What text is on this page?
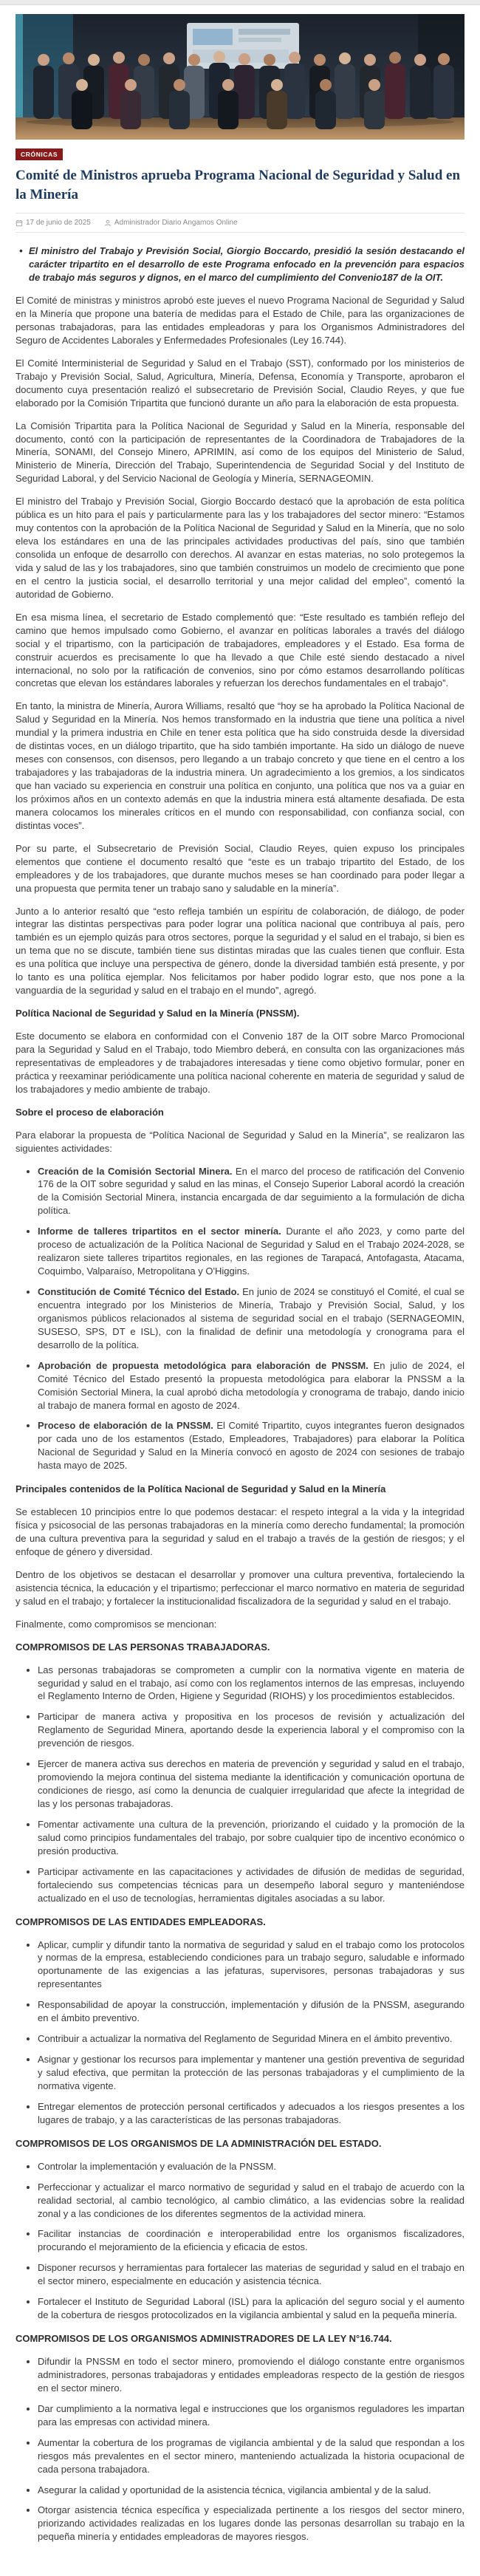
CRÓNICAS
Comité de Ministros aprueba Programa Nacional de Seguridad y Salud en la Minería
17 de junio de 2025	Administrador Diario Angamos Online

• El ministro del Trabajo y Previsión Social, Giorgio Boccardo, presidió la sesión destacando el carácter tripartito en el desarrollo de este Programa enfocado en la prevención para espacios de trabajo más seguros y dignos, en el marco del cumplimiento del Convenio187 de la OIT.

El Comité de ministras y ministros aprobó este jueves el nuevo Programa Nacional de Seguridad y Salud en la Minería que propone una batería de medidas para el Estado de Chile, para las organizaciones de personas trabajadoras, para las entidades empleadoras y para los Organismos Administradores del Seguro de Accidentes Laborales y Enfermedades Profesionales (Ley 16.744).

El Comité Interministerial de Seguridad y Salud en el Trabajo (SST), conformado por los ministerios de Trabajo y Previsión Social, Salud, Agricultura, Minería, Defensa, Economía y Transporte, aprobaron el documento cuya presentación realizó el subsecretario de Previsión Social, Claudio Reyes, y que fue elaborado por la Comisión Tripartita que funcionó durante un año para la elaboración de esta propuesta.

La Comisión Tripartita para la Política Nacional de Seguridad y Salud en la Minería, responsable del documento, contó con la participación de representantes de la Coordinadora de Trabajadores de la Minería, SONAMI, del Consejo Minero, APRIMIN, así como de los equipos del Ministerio de Salud, Ministerio de Minería, Dirección del Trabajo, Superintendencia de Seguridad Social y del Instituto de Seguridad Laboral, y del Servicio Nacional de Geología y Minería, SERNAGEOMIN.

El ministro del Trabajo y Previsión Social, Giorgio Boccardo destacó que la aprobación de esta política pública es un hito para el país y particularmente para las y los trabajadores del sector minero: “Estamos muy contentos con la aprobación de la Política Nacional de Seguridad y Salud en la Minería, que no solo eleva los estándares en una de las principales actividades productivas del país, sino que también consolida un enfoque de desarrollo con derechos. Al avanzar en estas materias, no solo protegemos la vida y salud de las y los trabajadores, sino que también construimos un modelo de crecimiento que pone en el centro la justicia social, el desarrollo territorial y una mejor calidad del empleo”, comentó la autoridad de Gobierno.

En esa misma línea, el secretario de Estado complementó que: “Este resultado es también reflejo del camino que hemos impulsado como Gobierno, el avanzar en políticas laborales a través del diálogo social y el tripartismo, con la participación de trabajadores, empleadores y el Estado. Esa forma de construir acuerdos es precisamente lo que ha llevado a que Chile esté siendo destacado a nivel internacional, no solo por la ratificación de convenios, sino por cómo estamos desarrollando políticas concretas que elevan los estándares laborales y refuerzan los derechos fundamentales en el trabajo”.

En tanto, la ministra de Minería, Aurora Williams, resaltó que “hoy se ha aprobado la Política Nacional de Salud y Seguridad en la Minería. Nos hemos transformado en la industria que tiene una política a nivel mundial y la primera industria en Chile en tener esta política que ha sido construida desde la diversidad de distintas voces, en un diálogo tripartito, que ha sido también importante. Ha sido un diálogo de nueve meses con consensos, con disensos, pero llegando a un trabajo concreto y que tiene en el centro a los trabajadores y las trabajadoras de la industria minera. Un agradecimiento a los gremios, a los sindicatos que han vaciado su experiencia en construir una política en conjunto, una política que nos va a guiar en los próximos años en un contexto además en que la industria minera está altamente desafiada. De esta manera colocamos los minerales críticos en el mundo con responsabilidad, con confianza social, con distintas voces”.

Por su parte, el Subsecretario de Previsión Social, Claudio Reyes, quien expuso los principales elementos que contiene el documento resaltó que “este es un trabajo tripartito del Estado, de los empleadores y de los trabajadores, que durante muchos meses se han coordinado para poder llegar a una propuesta que permita tener un trabajo sano y saludable en la minería”.

Junto a lo anterior resaltó que “esto refleja también un espíritu de colaboración, de diálogo, de poder integrar las distintas perspectivas para poder lograr una política nacional que contribuya al país, pero también es un ejemplo quizás para otros sectores, porque la seguridad y el salud en el trabajo, si bien es un tema que no se discute, también tiene sus distintas miradas que las cuales tienen que confluir. Esta es una política que incluye una perspectiva de género, donde la diversidad también está presente, y por lo tanto es una política ejemplar. Nos felicitamos por haber podido lograr esto, que nos pone a la vanguardia de la seguridad y salud en el trabajo en el mundo”, agregó.

Política Nacional de Seguridad y Salud en la Minería (PNSSM).

Este documento se elabora en conformidad con el Convenio 187 de la OIT sobre Marco Promocional para la Seguridad y Salud en el Trabajo, todo Miembro deberá, en consulta con las organizaciones más representativas de empleadores y de trabajadores interesadas y tiene como objetivo formular, poner en práctica y reexaminar periódicamente una política nacional coherente en materia de seguridad y salud de los trabajadores y medio ambiente de trabajo.

Sobre el proceso de elaboración

Para elaborar la propuesta de “Política Nacional de Seguridad y Salud en la Minería”, se realizaron las siguientes actividades:

• Creación de la Comisión Sectorial Minera. En el marco del proceso de ratificación del Convenio 176 de la OIT sobre seguridad y salud en las minas, el Consejo Superior Laboral acordó la creación de la Comisión Sectorial Minera, instancia encargada de dar seguimiento a la formulación de dicha política.
• Informe de talleres tripartitos en el sector minería. Durante el año 2023, y como parte del proceso de actualización de la Política Nacional de Seguridad y Salud en el Trabajo 2024-2028, se realizaron siete talleres tripartitos regionales, en las regiones de Tarapacá, Antofagasta, Atacama, Coquimbo, Valparaíso, Metropolitana y O'Higgins.
• Constitución de Comité Técnico del Estado. En junio de 2024 se constituyó el Comité, el cual se encuentra integrado por los Ministerios de Minería, Trabajo y Previsión Social, Salud, y los organismos públicos relacionados al sistema de seguridad social en el trabajo (SERNAGEOMIN, SUSESO, SPS, DT e ISL), con la finalidad de definir una metodología y cronograma para el desarrollo de la política.
• Aprobación de propuesta metodológica para elaboración de PNSSM. En julio de 2024, el Comité Técnico del Estado presentó la propuesta metodológica para elaborar la PNSSM a la Comisión Sectorial Minera, la cual aprobó dicha metodología y cronograma de trabajo, dando inicio al trabajo de manera formal en agosto de 2024.
• Proceso de elaboración de la PNSSM. El Comité Tripartito, cuyos integrantes fueron designados por cada uno de los estamentos (Estado, Empleadores, Trabajadores) para elaborar la Política Nacional de Seguridad y Salud en la Minería convocó en agosto de 2024 con sesiones de trabajo hasta mayo de 2025.

Principales contenidos de la Política Nacional de Seguridad y Salud en la Minería

Se establecen 10 principios entre lo que podemos destacar: el respeto integral a la vida y la integridad física y psicosocial de las personas trabajadoras en la minería como derecho fundamental; la promoción de una cultura preventiva para la seguridad y salud en el trabajo a través de la gestión de riesgos; y el enfoque de género y diversidad.

Dentro de los objetivos se destacan el desarrollar y promover una cultura preventiva, fortaleciendo la asistencia técnica, la educación y el tripartismo; perfeccionar el marco normativo en materia de seguridad y salud en el trabajo; y fortalecer la institucionalidad fiscalizadora de la seguridad y salud en el trabajo.

Finalmente, como compromisos se mencionan:

COMPROMISOS DE LAS PERSONAS TRABAJADORAS.

• Las personas trabajadoras se comprometen a cumplir con la normativa vigente en materia de seguridad y salud en el trabajo, así como con los reglamentos internos de las empresas, incluyendo el Reglamento Interno de Orden, Higiene y Seguridad (RIOHS) y los procedimientos establecidos.
• Participar de manera activa y propositiva en los procesos de revisión y actualización del Reglamento de Seguridad Minera, aportando desde la experiencia laboral y el compromiso con la prevención de riesgos.
• Ejercer de manera activa sus derechos en materia de prevención y seguridad y salud en el trabajo, promoviendo la mejora continua del sistema mediante la identificación y comunicación oportuna de condiciones de riesgo, así como la denuncia de cualquier irregularidad que afecte la integridad de las y los personas trabajadoras.
• Fomentar activamente una cultura de la prevención, priorizando el cuidado y la promoción de la salud como principios fundamentales del trabajo, por sobre cualquier tipo de incentivo económico o presión productiva.
• Participar activamente en las capacitaciones y actividades de difusión de medidas de seguridad, fortaleciendo sus competencias técnicas para un desempeño laboral seguro y manteniéndose actualizado en el uso de tecnologías, herramientas digitales asociadas a su labor.

COMPROMISOS DE LAS ENTIDADES EMPLEADORAS.

• Aplicar, cumplir y difundir tanto la normativa de seguridad y salud en el trabajo como los protocolos y normas de la empresa, estableciendo condiciones para un trabajo seguro, saludable e informado oportunamente de las exigencias a las jefaturas, supervisores, personas trabajadoras y sus representantes
• Responsabilidad de apoyar la construcción, implementación y difusión de la PNSSM, asegurando en el ámbito preventivo.
• Contribuir a actualizar la normativa del Reglamento de Seguridad Minera en el ámbito preventivo.
• Asignar y gestionar los recursos para implementar y mantener una gestión preventiva de seguridad y salud efectiva, que permitan la protección de las personas trabajadoras y el cumplimiento de la normativa vigente.
• Entregar elementos de protección personal certificados y adecuados a los riesgos presentes a los lugares de trabajo, y a las características de las personas trabajadoras.

COMPROMISOS DE LOS ORGANISMOS DE LA ADMINISTRACIÓN DEL ESTADO.

• Controlar la implementación y evaluación de la PNSSM.
• Perfeccionar y actualizar el marco normativo de seguridad y salud en el trabajo de acuerdo con la realidad sectorial, al cambio tecnológico, al cambio climático, a las evidencias sobre la realidad zonal y a las condiciones de los diferentes segmentos de la actividad minera.
• Facilitar instancias de coordinación e interoperabilidad entre los organismos fiscalizadores, procurando el mejoramiento de la eficiencia y eficacia de estos.
• Disponer recursos y herramientas para fortalecer las materias de seguridad y salud en el trabajo en el sector minero, especialmente en educación y asistencia técnica.
• Fortalecer el Instituto de Seguridad Laboral (ISL) para la aplicación del seguro social y el aumento de la cobertura de riesgos protocolizados en la vigilancia ambiental y salud en la pequeña minería.

COMPROMISOS DE LOS ORGANISMOS ADMINISTRADORES DE LA LEY N°16.744.

• Difundir la PNSSM en todo el sector minero, promoviendo el diálogo constante entre organismos administradores, personas trabajadoras y entidades empleadoras respecto de la gestión de riesgos en el sector minero.
• Dar cumplimiento a la normativa legal e instrucciones que los organismos reguladores les impartan para las empresas con actividad minera.
• Aumentar la cobertura de los programas de vigilancia ambiental y de la salud que respondan a los riesgos más prevalentes en el sector minero, manteniendo actualizada la historia ocupacional de cada persona trabajadora.
• Asegurar la calidad y oportunidad de la asistencia técnica, vigilancia ambiental y de la salud.
• Otorgar asistencia técnica específica y especializada pertinente a los riesgos del sector minero, priorizando actividades realizadas en los lugares donde las personas desarrollan su trabajo en la pequeña minería y entidades empleadoras de mayores riesgos.
